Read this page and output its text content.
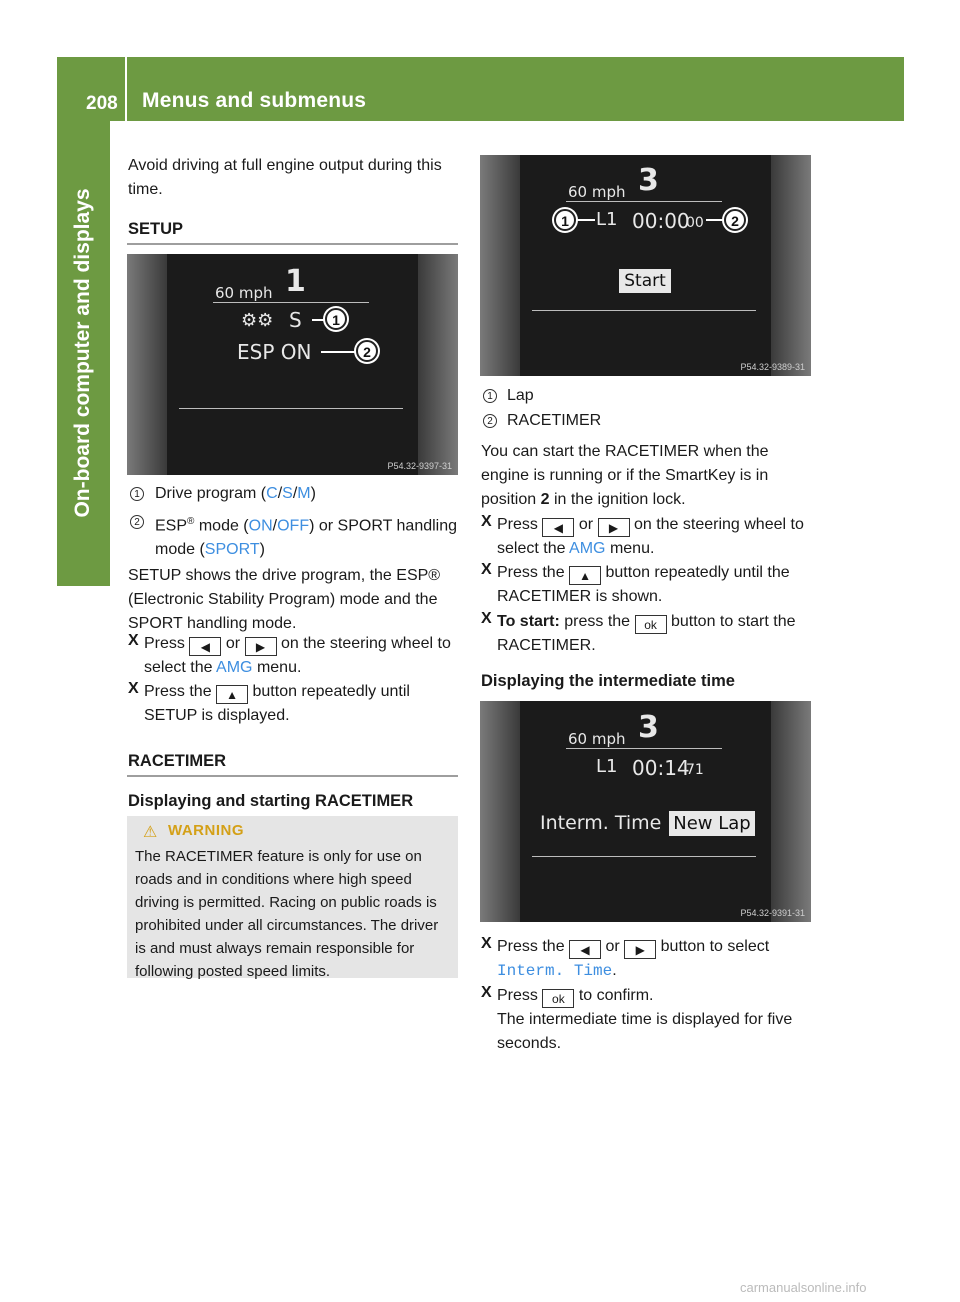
208 Menus and submenus
On-board computer and displays
Avoid driving at full engine output during this time.
SETUP
60 mph 1
⚙⚙ S	1
ESP ON	2
P54.32-9397-31
1 Drive program (C/S/M)
2 ESP® mode (ON/OFF) or SPORT handling mode (SPORT)
SETUP shows the drive program, the ESP® (Electronic Stability Program) mode and the SPORT handling mode.
X Press ◀ or ▶ on the steering wheel to select the AMG menu.
X Press the ▲ button repeatedly until SETUP is displayed.
RACETIMER
Displaying and starting RACETIMER
⚠ WARNING
The RACETIMER feature is only for use on roads and in conditions where high speed driving is permitted. Racing on public roads is prohibited under all circumstances. The driver is and must always remain responsible for following posted speed limits.
60 mph 3
1	L1 00:00
00	2
Start
P54.32-9389-31
1 Lap
2 RACETIMER
You can start the RACETIMER when the engine is running or if the SmartKey is in position 2 in the ignition lock.
X Press ◀ or ▶ on the steering wheel to select the AMG menu.
X Press the ▲ button repeatedly until the RACETIMER is shown.
X To start: press the ok button to start the RACETIMER.
Displaying the intermediate time
60 mph 3
L1 00:14
71
Interm. Time New Lap
P54.32-9391-31
X Press the ◀ or ▶ button to select Interm. Time.
X Press ok to confirm.
The intermediate time is displayed for five seconds.
carmanualsonline.info
